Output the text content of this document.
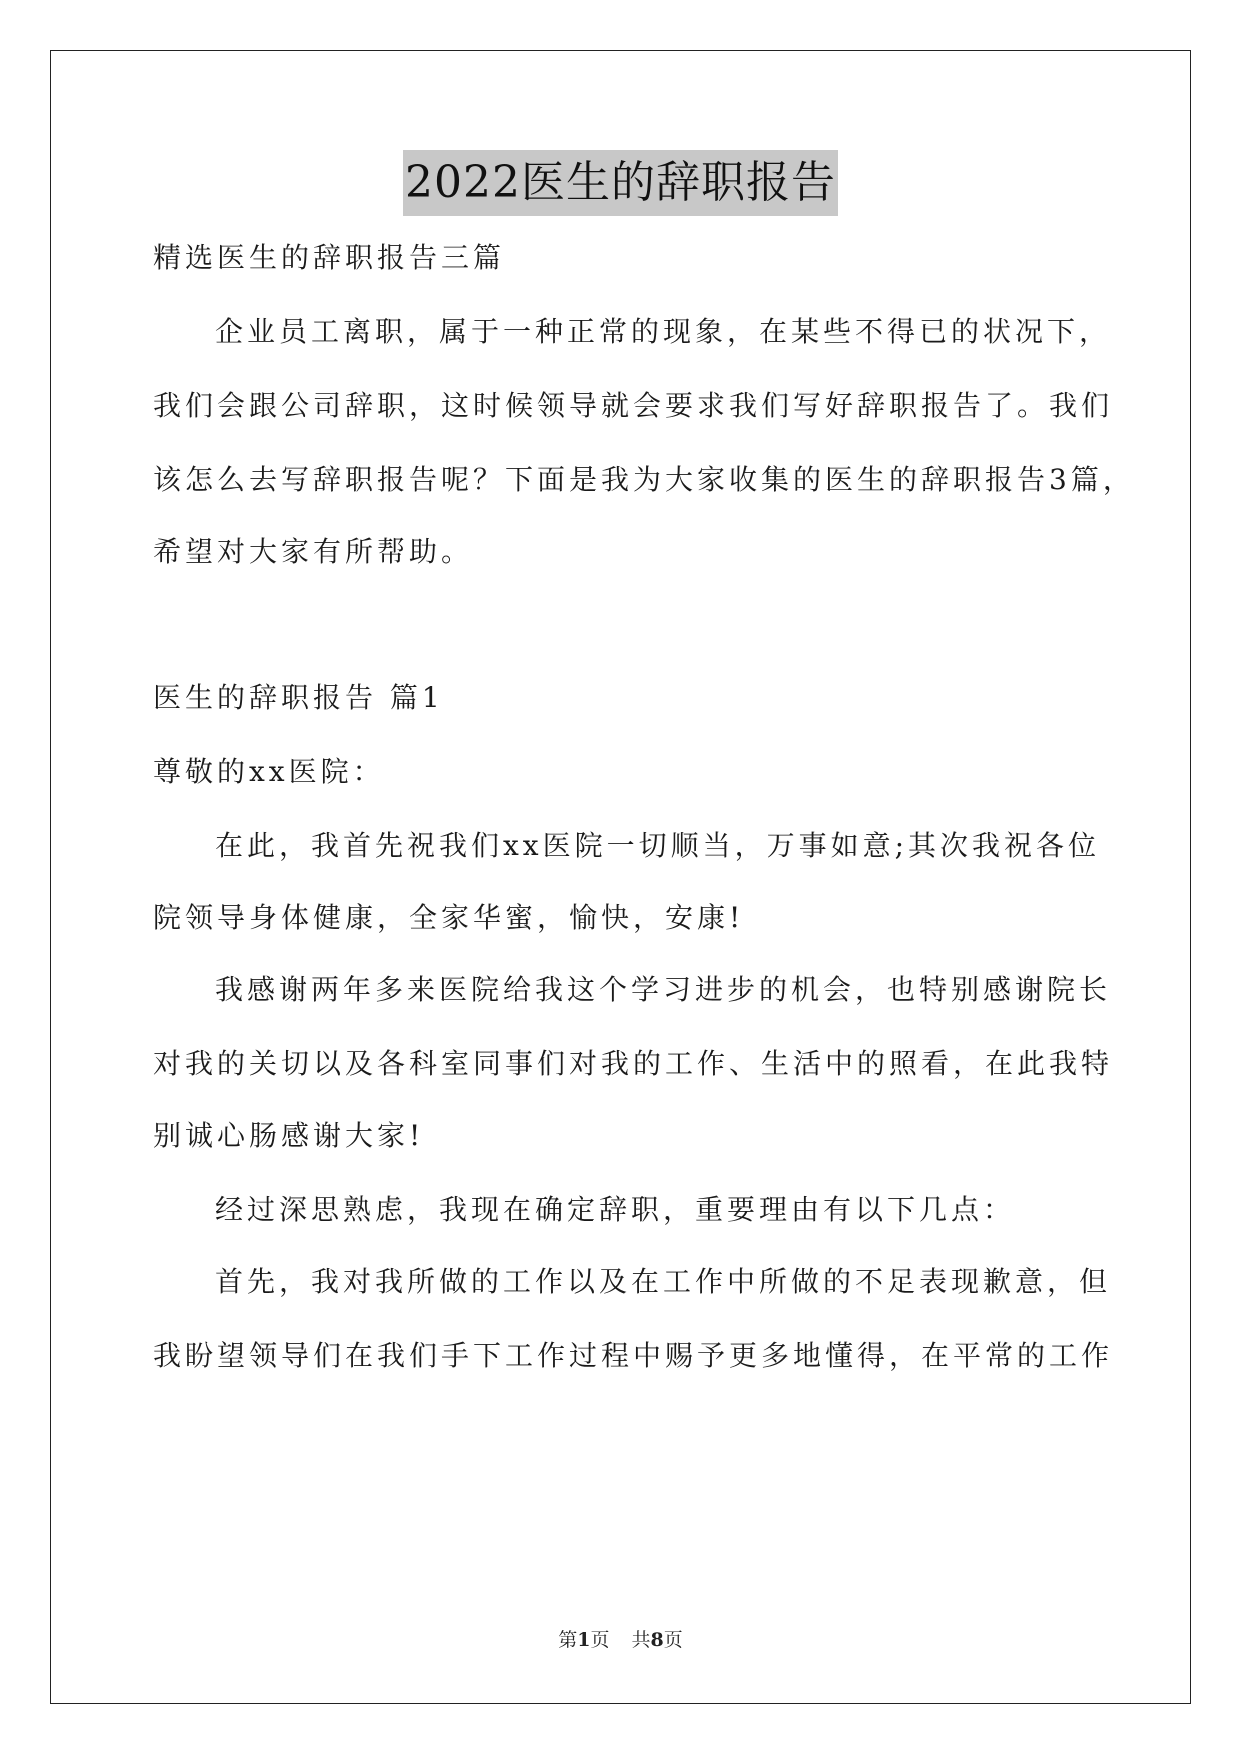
2022医生的辞职报告
精选医生的辞职报告三篇
企业员工离职，属于一种正常的现象，在某些不得已的状况下，
我们会跟公司辞职，这时候领导就会要求我们写好辞职报告了。我们
该怎么去写辞职报告呢？下面是我为大家收集的医生的辞职报告3篇，
希望对大家有所帮助。
医生的辞职报告 篇1
尊敬的xx医院：
在此，我首先祝我们xx医院一切顺当，万事如意;其次我祝各位
院领导身体健康，全家华蜜，愉快，安康!
我感谢两年多来医院给我这个学习进步的机会，也特别感谢院长
对我的关切以及各科室同事们对我的工作、生活中的照看，在此我特
别诚心肠感谢大家!
经过深思熟虑，我现在确定辞职，重要理由有以下几点：
首先，我对我所做的工作以及在工作中所做的不足表现歉意，但
我盼望领导们在我们手下工作过程中赐予更多地懂得，在平常的工作
第1页 共8页
